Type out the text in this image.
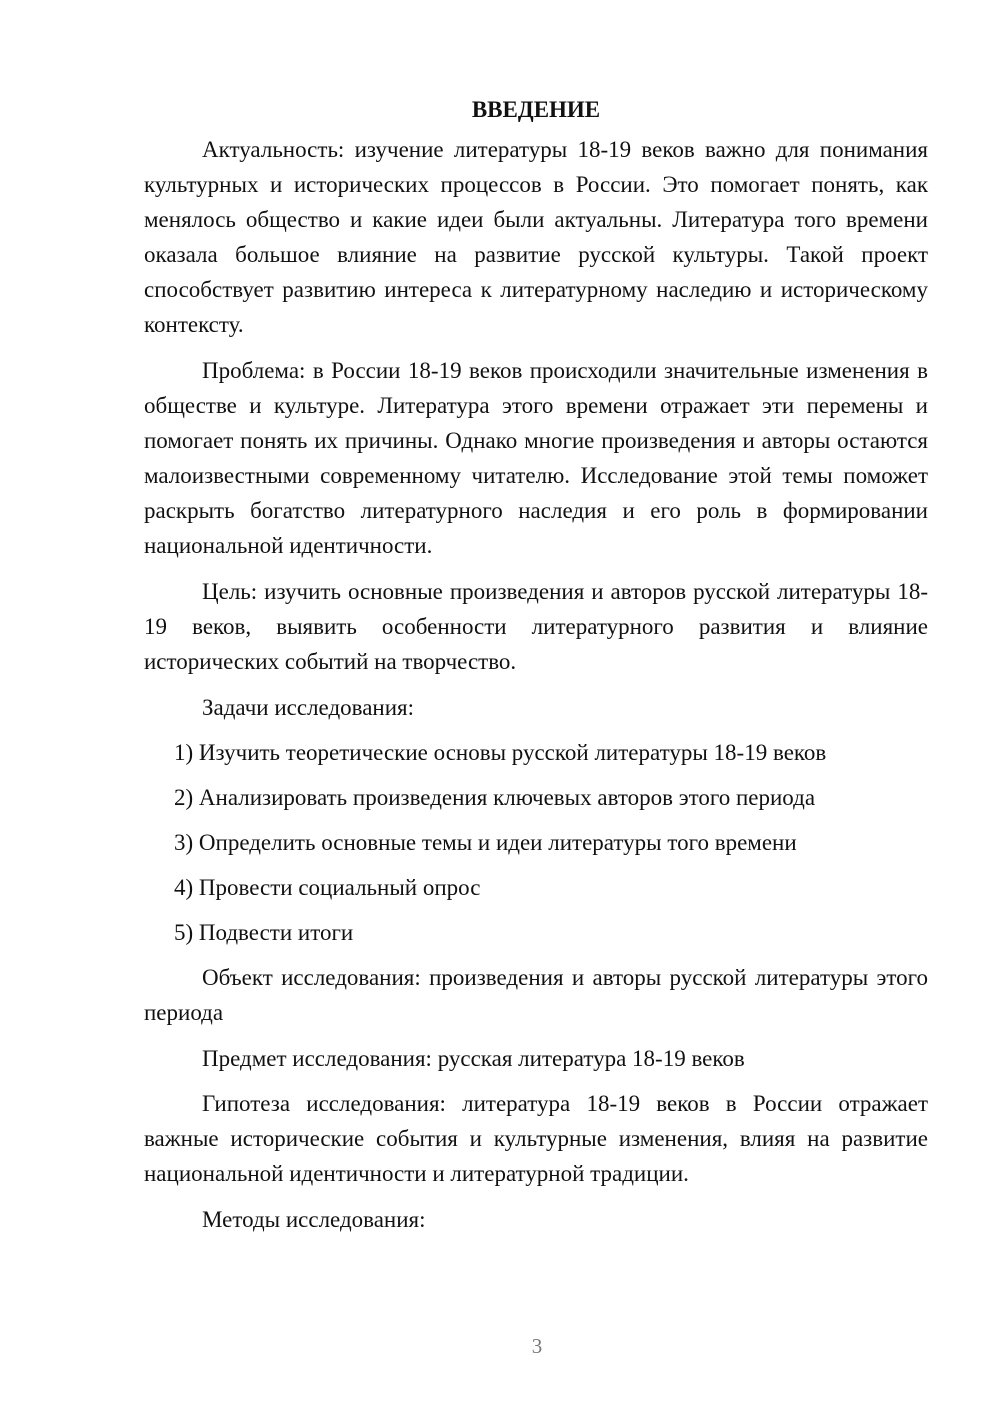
ВВЕДЕНИЕ

Актуальность: изучение литературы 18-19 веков важно для понимания культурных и исторических процессов в России. Это помогает понять, как менялось общество и какие идеи были актуальны. Литература того времени оказала большое влияние на развитие русской культуры. Такой проект способствует развитию интереса к литературному наследию и историческому контексту.

Проблема: в России 18-19 веков происходили значительные изменения в обществе и культуре. Литература этого времени отражает эти перемены и помогает понять их причины. Однако многие произведения и авторы остаются малоизвестными современному читателю. Исследование этой темы поможет раскрыть богатство литературного наследия и его роль в формировании национальной идентичности.

Цель: изучить основные произведения и авторов русской литературы 18-19 веков, выявить особенности литературного развития и влияние исторических событий на творчество.

Задачи исследования:

1) Изучить теоретические основы русской литературы 18-19 веков
2) Анализировать произведения ключевых авторов этого периода
3) Определить основные темы и идеи литературы того времени
4) Провести социальный опрос
5) Подвести итоги

Объект исследования: произведения и авторы русской литературы этого периода

Предмет исследования: русская литература 18-19 веков

Гипотеза исследования: литература 18-19 веков в России отражает важные исторические события и культурные изменения, влияя на развитие национальной идентичности и литературной традиции.

Методы исследования:

3
